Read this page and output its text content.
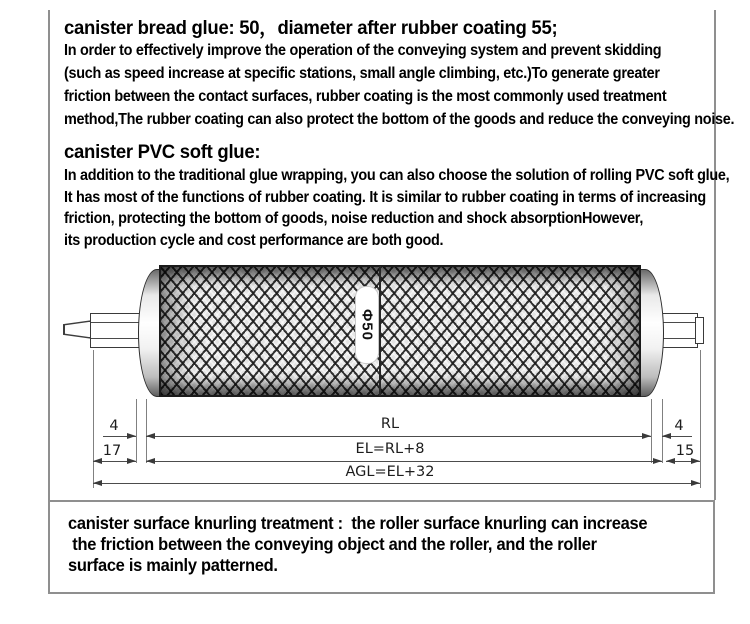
canister bread glue: 50，diameter after rubber coating 55;
In order to effectively improve the operation of the conveying system and prevent skidding
(such as speed increase at specific stations, small angle climbing, etc.)To generate greater
friction between the contact surfaces, rubber coating is the most commonly used treatment
method,The rubber coating can also protect the bottom of the goods and reduce the conveying noise.
canister PVC soft glue:
In addition to the traditional glue wrapping, you can also choose the solution of rolling PVC soft glue,
It has most of the functions of rubber coating. It is similar to rubber coating in terms of increasing
friction, protecting the bottom of goods, noise reduction and shock absorptionHowever,
its production cycle and cost performance are both good.
Φ50
4	RL	4
17	EL=RL+8	15
AGL=EL+32
canister surface knurling treatment :  the roller surface knurling can increase
the friction between the conveying object and the roller, and the roller
surface is mainly patterned.
